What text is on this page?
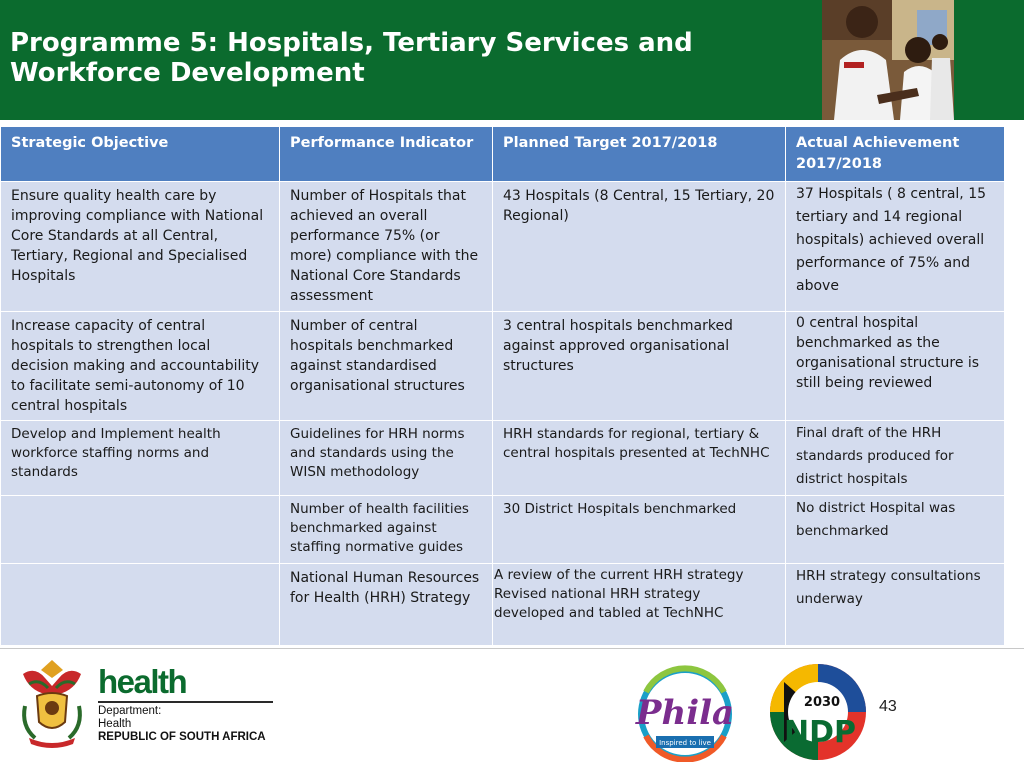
Programme 5: Hospitals, Tertiary Services and
Workforce Development
Strategic Objective	Performance Indicator	Planned Target 2017/2018	Actual Achievement 2017/2018
Ensure quality health care by improving compliance with National Core Standards at all Central, Tertiary, Regional and Specialised Hospitals	Number of Hospitals that achieved an overall performance 75% (or more) compliance with the National Core Standards assessment	43 Hospitals (8 Central, 15 Tertiary, 20 Regional)	37 Hospitals ( 8 central, 15 tertiary and 14 regional hospitals) achieved overall performance of 75% and above
Increase capacity of central hospitals to strengthen local decision making and accountability to facilitate semi-autonomy of 10 central hospitals	Number of central hospitals benchmarked against standardised organisational structures	3 central hospitals benchmarked against approved organisational structures	0 central hospital benchmarked as the organisational structure is still being reviewed
Develop and Implement health workforce staffing norms and standards	Guidelines for HRH norms and standards using the WISN methodology	HRH standards for regional, tertiary & central hospitals presented at TechNHC	Final draft of the HRH standards produced for district hospitals
	Number of health facilities benchmarked against staffing normative guides	30 District Hospitals benchmarked	No district Hospital was benchmarked
	National Human Resources for Health (HRH) Strategy	A review of the current HRH strategy Revised national HRH strategy developed and tabled at TechNHC	HRH strategy consultations underway
health
Department:
Health
REPUBLIC OF SOUTH AFRICA
Phila
Inspired to live
2030
NDP
43
